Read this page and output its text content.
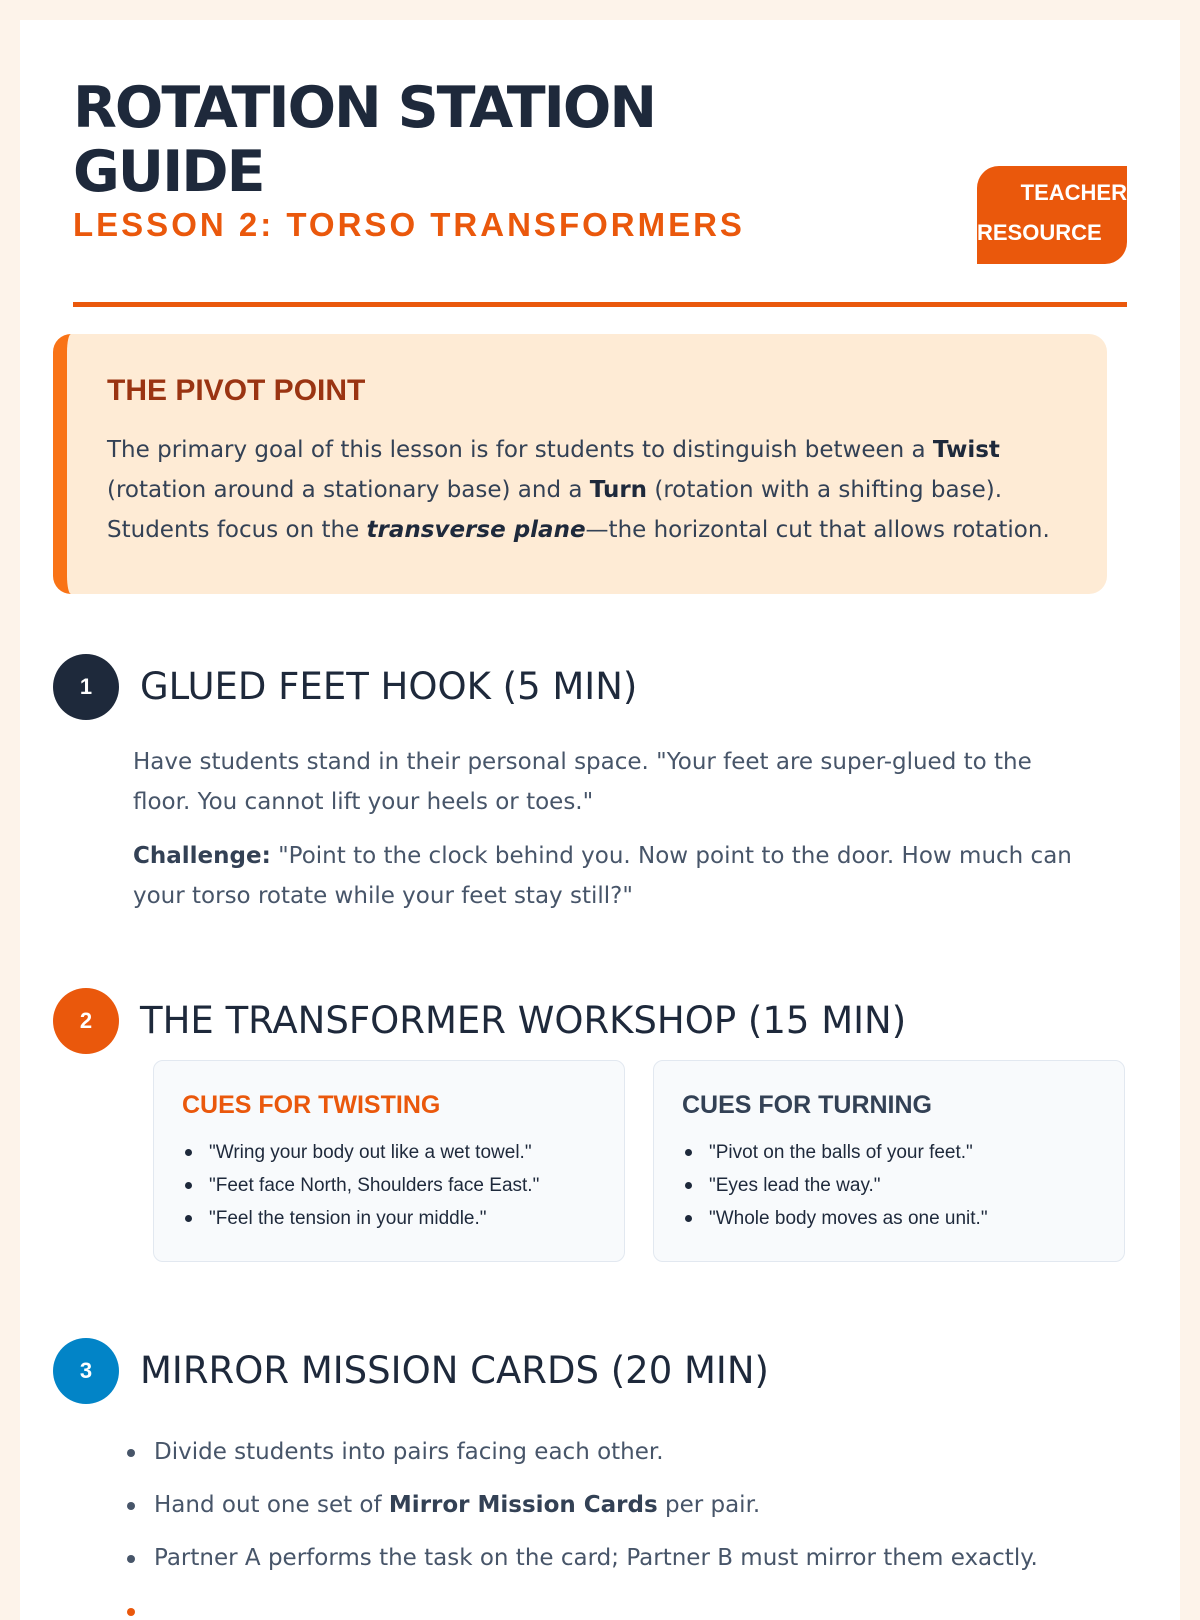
ROTATION STATION GUIDE
LESSON 2: TORSO TRANSFORMERS
TEACHER
RESOURCE
THE PIVOT POINT

The primary goal of this lesson is for students to distinguish between a Twist (rotation around a stationary base) and a Turn (rotation with a shifting base). Students focus on the transverse plane—the horizontal cut that allows rotation.

1	GLUED FEET HOOK (5 MIN)

Have students stand in their personal space. "Your feet are super-glued to the floor. You cannot lift your heels or toes."

Challenge: "Point to the clock behind you. Now point to the door. How much can your torso rotate while your feet stay still?"

2	THE TRANSFORMER WORKSHOP (15 MIN)
CUES FOR TWISTING
"Wring your body out like a wet towel."
"Feet face North, Shoulders face East."
"Feel the tension in your middle."
CUES FOR TURNING
"Pivot on the balls of your feet."
"Eyes lead the way."
"Whole body moves as one unit."
3	MIRROR MISSION CARDS (20 MIN)
Divide students into pairs facing each other.
Hand out one set of Mirror Mission Cards per pair.
Partner A performs the task on the card; Partner B must mirror them exactly.
